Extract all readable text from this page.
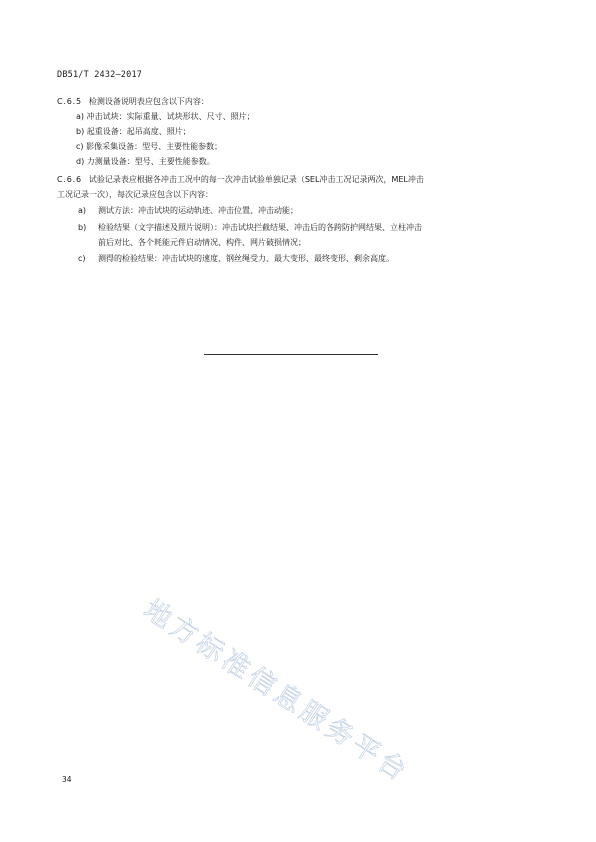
DB51/T 2432—2017
C.6.5 检测设备说明表应包含以下内容：
a) 冲击试块：实际重量、试块形状、尺寸、照片；
b) 起重设备：起吊高度、照片；
c) 影像采集设备：型号、主要性能参数；
d) 力测量设备：型号、主要性能参数。
C.6.6 试验记录表应根据各冲击工况中的每一次冲击试验单独记录（SEL冲击工况记录两次，MEL冲击
工况记录一次），每次记录应包含以下内容：
a) 测试方法：冲击试块的运动轨迹、冲击位置、冲击动能；
b) 检验结果（文字描述及照片说明）：冲击试块拦截结果、冲击后的各跨防护网结果、立柱冲击
前后对比、各个耗能元件启动情况、构件、网片破损情况；
c) 测得的检验结果：冲击试块的速度、钢丝绳受力、最大变形、最终变形、剩余高度。
地方标准信息服务平台
34
